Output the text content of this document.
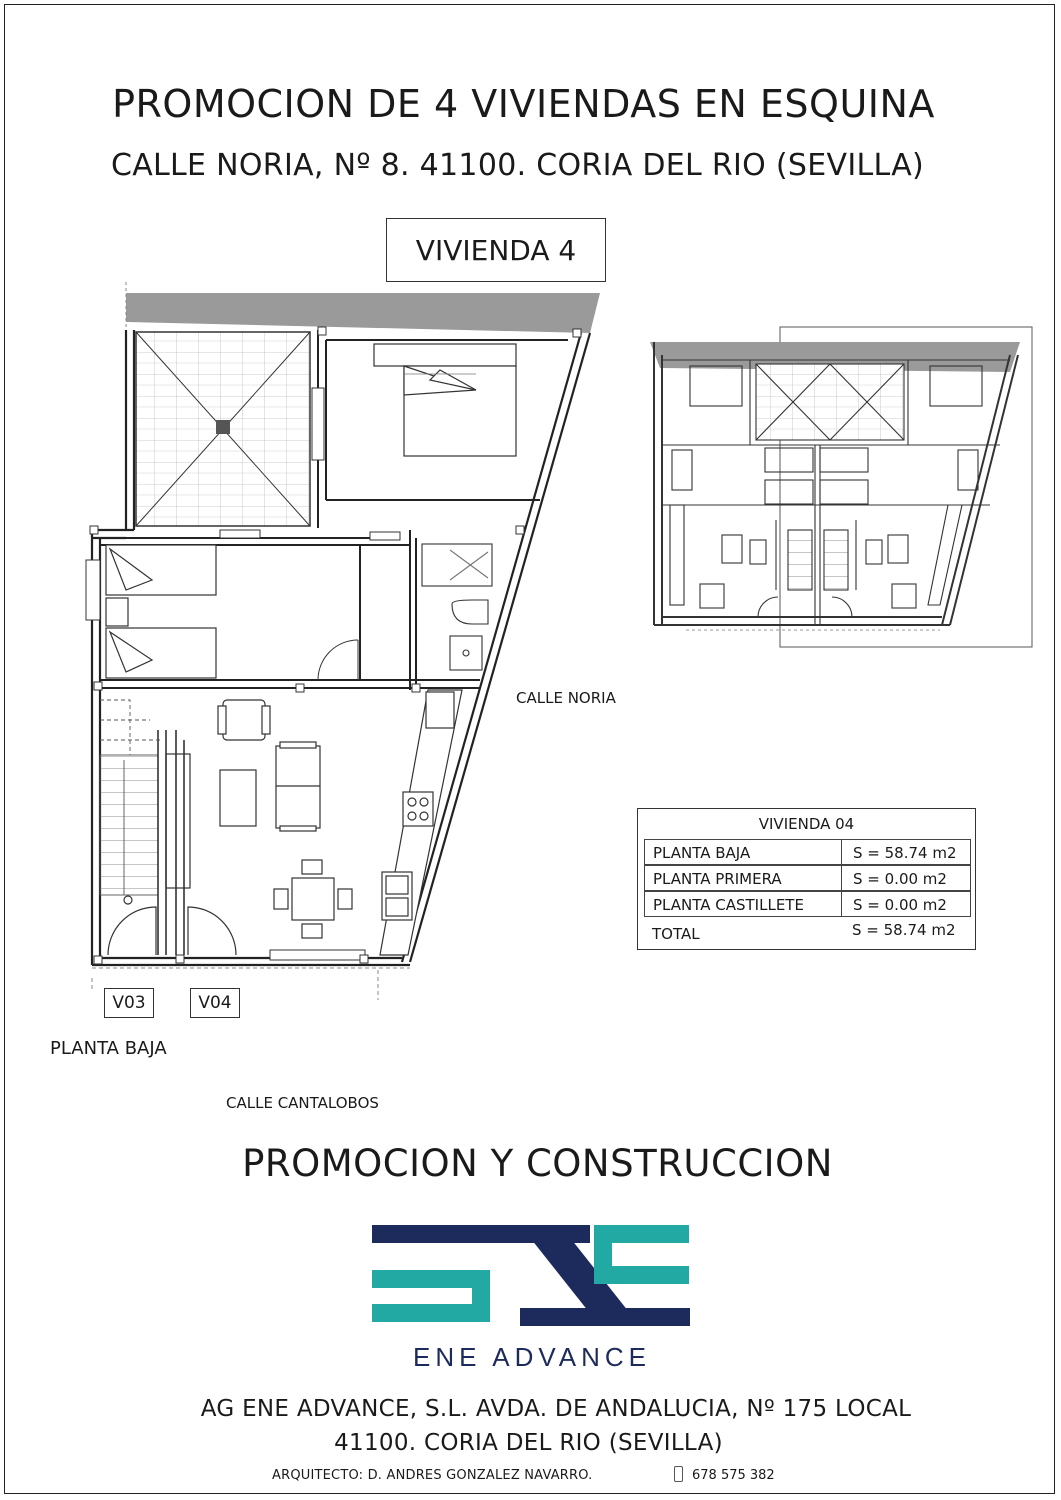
PROMOCION DE 4 VIVIENDAS EN ESQUINA
CALLE NORIA, Nº 8. 41100. CORIA DEL RIO (SEVILLA)
VIVIENDA 4
CALLE NORIA
CALLE CANTALOBOS
PLANTA BAJA
V03	V04
VIVIENDA 04
PLANTA BAJA	S = 58.74 m2
PLANTA PRIMERA	S = 0.00 m2
PLANTA CASTILLETE	S = 0.00 m2
TOTAL	S = 58.74 m2
PROMOCION Y CONSTRUCCION
ENE ADVANCE
AG ENE ADVANCE, S.L. AVDA. DE ANDALUCIA, Nº 175 LOCAL
41100. CORIA DEL RIO (SEVILLA)
ARQUITECTO: D. ANDRES GONZALEZ NAVARRO.	678 575 382
